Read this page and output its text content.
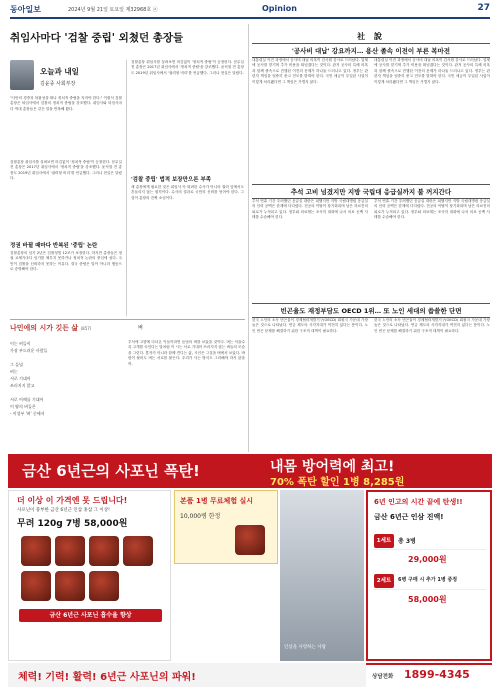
동아일보	2024년 9월 21일 토요일 제32968호 ⓐ	Opinion	27
취임사마다 '검찰 중립' 외쳤던 총장들
오늘과 내일
김윤종 사회부장
"사안의 경중과 복잡성을 떠나 정치적 중립을 지켜야 한다." 이원석 검찰총장은 퇴임사에서 검찰의 정치적 중립을 강조했다. 취임사와 퇴임사마다 역대 총장들은 같은 말을 반복해 왔다.
검찰총장 취임사를 살펴보면 어김없이 '정치적 중립'이 등장한다. 문무일 전 총장은 2017년 취임사에서 '정치적 중립'을 강조했다. 윤석열 전 총장도 2019년 취임사에서 '권력형 비리'를 언급했다. 그러나 현실은 달랐다.
정권 바뀔 때마다 반복된 '중립' 논란
검찰총장의 임기 2년은 검찰청법 12조가 보장한다. 하지만 총장들은 정권 교체기마다 임기를 채우지 못하거나 정치적 논란의 중심에 섰다. 국민이 검찰을 신뢰하지 못하는 이유다. 결국 중립은 말이 아니라 행동으로 증명해야 한다.
검찰총장 취임사를 살펴보면 어김없이 '정치적 중립'이 등장한다. 문무일 전 총장은 2017년 취임사에서 '정치적 중립'을 강조했다. 윤석열 전 총장도 2019년 취임사에서 '권력형 비리'를 언급했다. 그러나 현실은 달랐다.
'검찰 중립' 법적 보장만으론 부족
새 총장에게 필요한 것은 취임사 속 화려한 수사가 아니라 권력 앞에서도 흔들리지 않는 원칙이다. 수사의 결과로 국민의 신뢰를 얻어야 한다. 그것이 총장의 진짜 소임이다.
나민애의 시가 깃든 삶 (857)	벼
이는 벼들이
가장 부드러운 사람들

그 들녘
벼는
서로 기대어
쓰러지지 않고

서로 어깨를 기대어
이 땅의 벼들은
- 이성부 '벼' 중에서
추석에 고향에 다녀온 이들이라면 들녘의 벼를 보았을 것이다. 벼는 익을수록 고개를 숙인다는 말처럼 이 시는 서로 기대어 쓰러지지 않는 벼들의 모습을 그린다. 혼자가 아니라 함께 견디는 삶, 시인은 그것을 벼에서 보았다. 바람이 불어도 벼는 서로를 붙든다. 우리가 사는 방식도 그러해야 하지 않을까.
社 說
'공사비 대납' 강요까지… 용산 졸속 이전이 부른 복마전
대통령실 이전 과정에서 공사비 대납 의혹이 감사원 감사로 드러났다. 업체에 공사를 맡기며 추가 비용을 떠넘겼다는 것이다. 관저 공사의 특혜 의혹과 함께 졸속으로 진행된 이전의 문제가 하나둘 드러나고 있다. 정부는 관련자 책임을 엄중히 묻고 전모를 밝혀야 한다. 국민 세금이 투입된 사업이 이렇게 처리됐다면 그 책임은 가볍지 않다.
대통령실 이전 과정에서 공사비 대납 의혹이 감사원 감사로 드러났다. 업체에 공사를 맡기며 추가 비용을 떠넘겼다는 것이다. 관저 공사의 특혜 의혹과 함께 졸속으로 진행된 이전의 문제가 하나둘 드러나고 있다. 정부는 관련자 책임을 엄중히 묻고 전모를 밝혀야 한다. 국민 세금이 투입된 사업이 이렇게 처리됐다면 그 책임은 가볍지 않다.
추석 고비 넘겼지만 지방 국립대 응급실까지 불 꺼지간다
추석 연휴 기간 우려했던 응급실 대란은 피했지만 지방 국립대병원 응급실의 인력 공백은 한계에 다다랐다. 전공의 이탈이 장기화되며 남은 의료진의 피로가 누적되고 있다. 정부와 의료계는 조속히 대화에 나서 의료 공백 사태를 수습해야 한다.
추석 연휴 기간 우려했던 응급실 대란은 피했지만 지방 국립대병원 응급실의 인력 공백은 한계에 다다랐다. 전공의 이탈이 장기화되며 남은 의료진의 피로가 누적되고 있다. 정부와 의료계는 조속히 대화에 나서 의료 공백 사태를 수습해야 한다.
빈곤율도 재정부담도 OECD 1위… 또 노인 세대의 씁쓸한 단면
한국 노인의 소득 빈곤율이 경제협력개발기구(OECD) 회원국 가운데 가장 높은 것으로 나타났다. 연금 제도의 사각지대가 여전히 넓다는 뜻이다. 노인 빈곤 문제를 해결하기 위한 구조적 대책이 필요하다.
한국 노인의 소득 빈곤율이 경제협력개발기구(OECD) 회원국 가운데 가장 높은 것으로 나타났다. 연금 제도의 사각지대가 여전히 넓다는 뜻이다. 노인 빈곤 문제를 해결하기 위한 구조적 대책이 필요하다.
금산 6년근의 사포닌 폭탄!	내몸 방어력에 최고!
70% 폭탄 할인 1병 8,285원
더 이상 이 가격엔 못 드립니다!
사포닌이 풍부한 금산 6년근 인삼 홍삼 그 이상!
무려 120g 7병 58,000원
금산 6년근 사포닌 흡수율 향상
본품 1병 무료체험 실시
10,000병 한정
인삼을 사랑하는 사람
6년 인고의 시간 끝에 탄생!!
금산 6년근 인삼 진액!
1세트	총 3병
29,000원
2세트	6병 구매 시 추가 1병 증정
58,000원
체력! 기력! 활력! 6년근 사포닌의 파워!	상담전화 1899-4345
